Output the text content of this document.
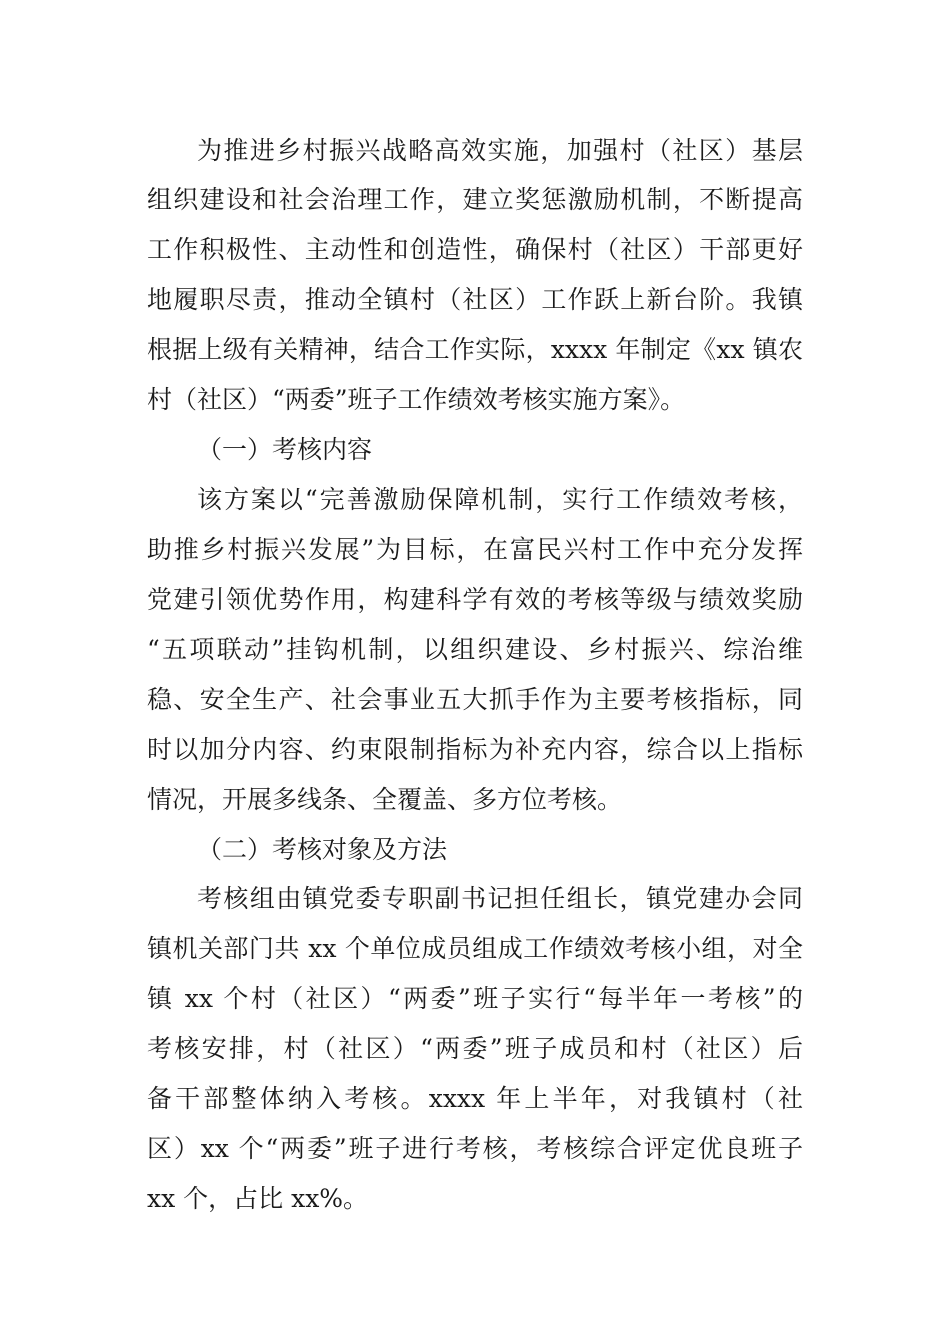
为推进乡村振兴战略高效实施，加强村（社区）基层
组织建设和社会治理工作，建立奖惩激励机制，不断提高
工作积极性、主动性和创造性，确保村（社区）干部更好
地履职尽责，推动全镇村（社区）工作跃上新台阶。我镇
根据上级有关精神，结合工作实际，xxxx 年制定《xx 镇农
村（社区）“两委”班子工作绩效考核实施方案》。
（一）考核内容
该方案以“完善激励保障机制，实行工作绩效考核，
助推乡村振兴发展”为目标，在富民兴村工作中充分发挥
党建引领优势作用，构建科学有效的考核等级与绩效奖励
“五项联动”挂钩机制，以组织建设、乡村振兴、综治维
稳、安全生产、社会事业五大抓手作为主要考核指标，同
时以加分内容、约束限制指标为补充内容，综合以上指标
情况，开展多线条、全覆盖、多方位考核。
（二）考核对象及方法
考核组由镇党委专职副书记担任组长，镇党建办会同
镇机关部门共 xx 个单位成员组成工作绩效考核小组，对全
镇 xx 个村（社区）“两委”班子实行“每半年一考核”的
考核安排，村（社区）“两委”班子成员和村（社区）后
备干部整体纳入考核。xxxx 年上半年，对我镇村（社
区）xx 个“两委”班子进行考核，考核综合评定优良班子
xx 个，占比 xx%。
